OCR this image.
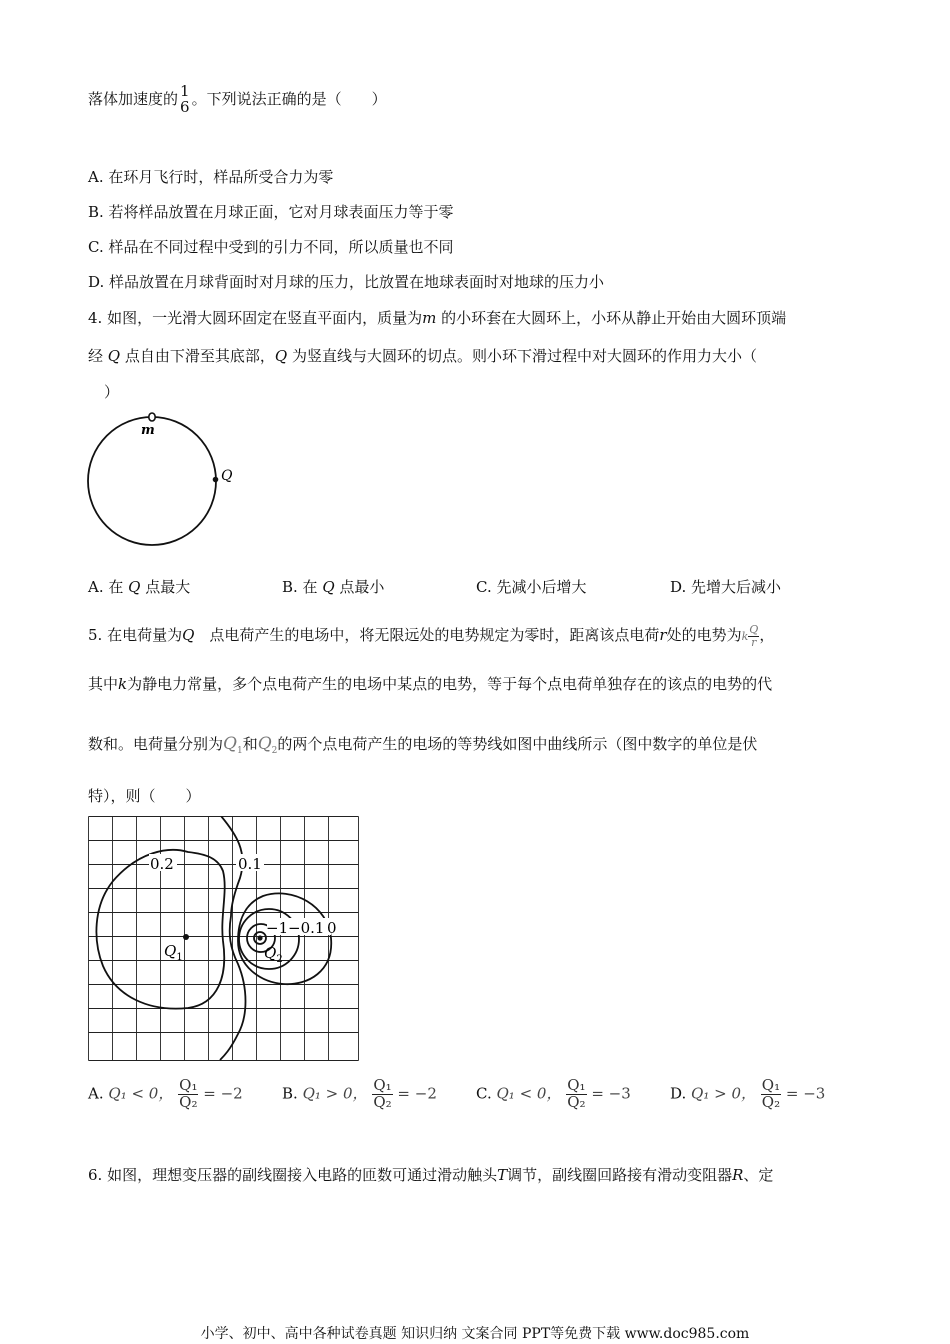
落体加速度的 1
6 。下列说法正确的是（　　）
A. 在环月飞行时，样品所受合力为零
B. 若将样品放置在月球正面，它对月球表面压力等于零
C. 样品在不同过程中受到的引力不同，所以质量也不同
D. 样品放置在月球背面时对月球的压力，比放置在地球表面时对地球的压力小
4. 如图，一光滑大圆环固定在竖直平面内，质量为m 的小环套在大圆环上，小环从静止开始由大圆环顶端
经 Q 点自由下滑至其底部，Q 为竖直线与大圆环的切点。则小环下滑过程中对大圆环的作用力大小（
）
m
Q
A. 在 Q 点最大	B. 在 Q 点最小	C. 先减小后增大	D. 先增大后减小
5. 在电荷量为Q　点电荷产生的电场中，将无限远处的电势规定为零时，距离该点电荷r处的电势为k $\frac{Q}{r}$ ，
其中k为静电力常量，多个点电荷产生的电场中某点的电势，等于每个点电荷单独存在的该点的电势的代
数和。电荷量分别为$Q_1$和$Q_2$的两个点电荷产生的电场的等势线如图中曲线所示（图中数字的单位是伏
特），则（　　）
0.2	0.1
−1 −0.1 0
$Q_1$	$Q_2$
A. Q₁ < 0， $\frac{\text{Q₁}}{\text{Q₂}} = -2$	B. Q₁ > 0， $\frac{\text{Q₁}}{\text{Q₂}} = -2$	C. Q₁ < 0， $\frac{\text{Q₁}}{\text{Q₂}} = -3$	D. Q₁ > 0， $\frac{\text{Q₁}}{\text{Q₂}} = -3$
6. 如图，理想变压器的副线圈接入电路的匝数可通过滑动触头T调节，副线圈回路接有滑动变阻器R、定
小学、初中、高中各种试卷真题 知识归纳 文案合同 PPT等免费下载 www.doc985.com
